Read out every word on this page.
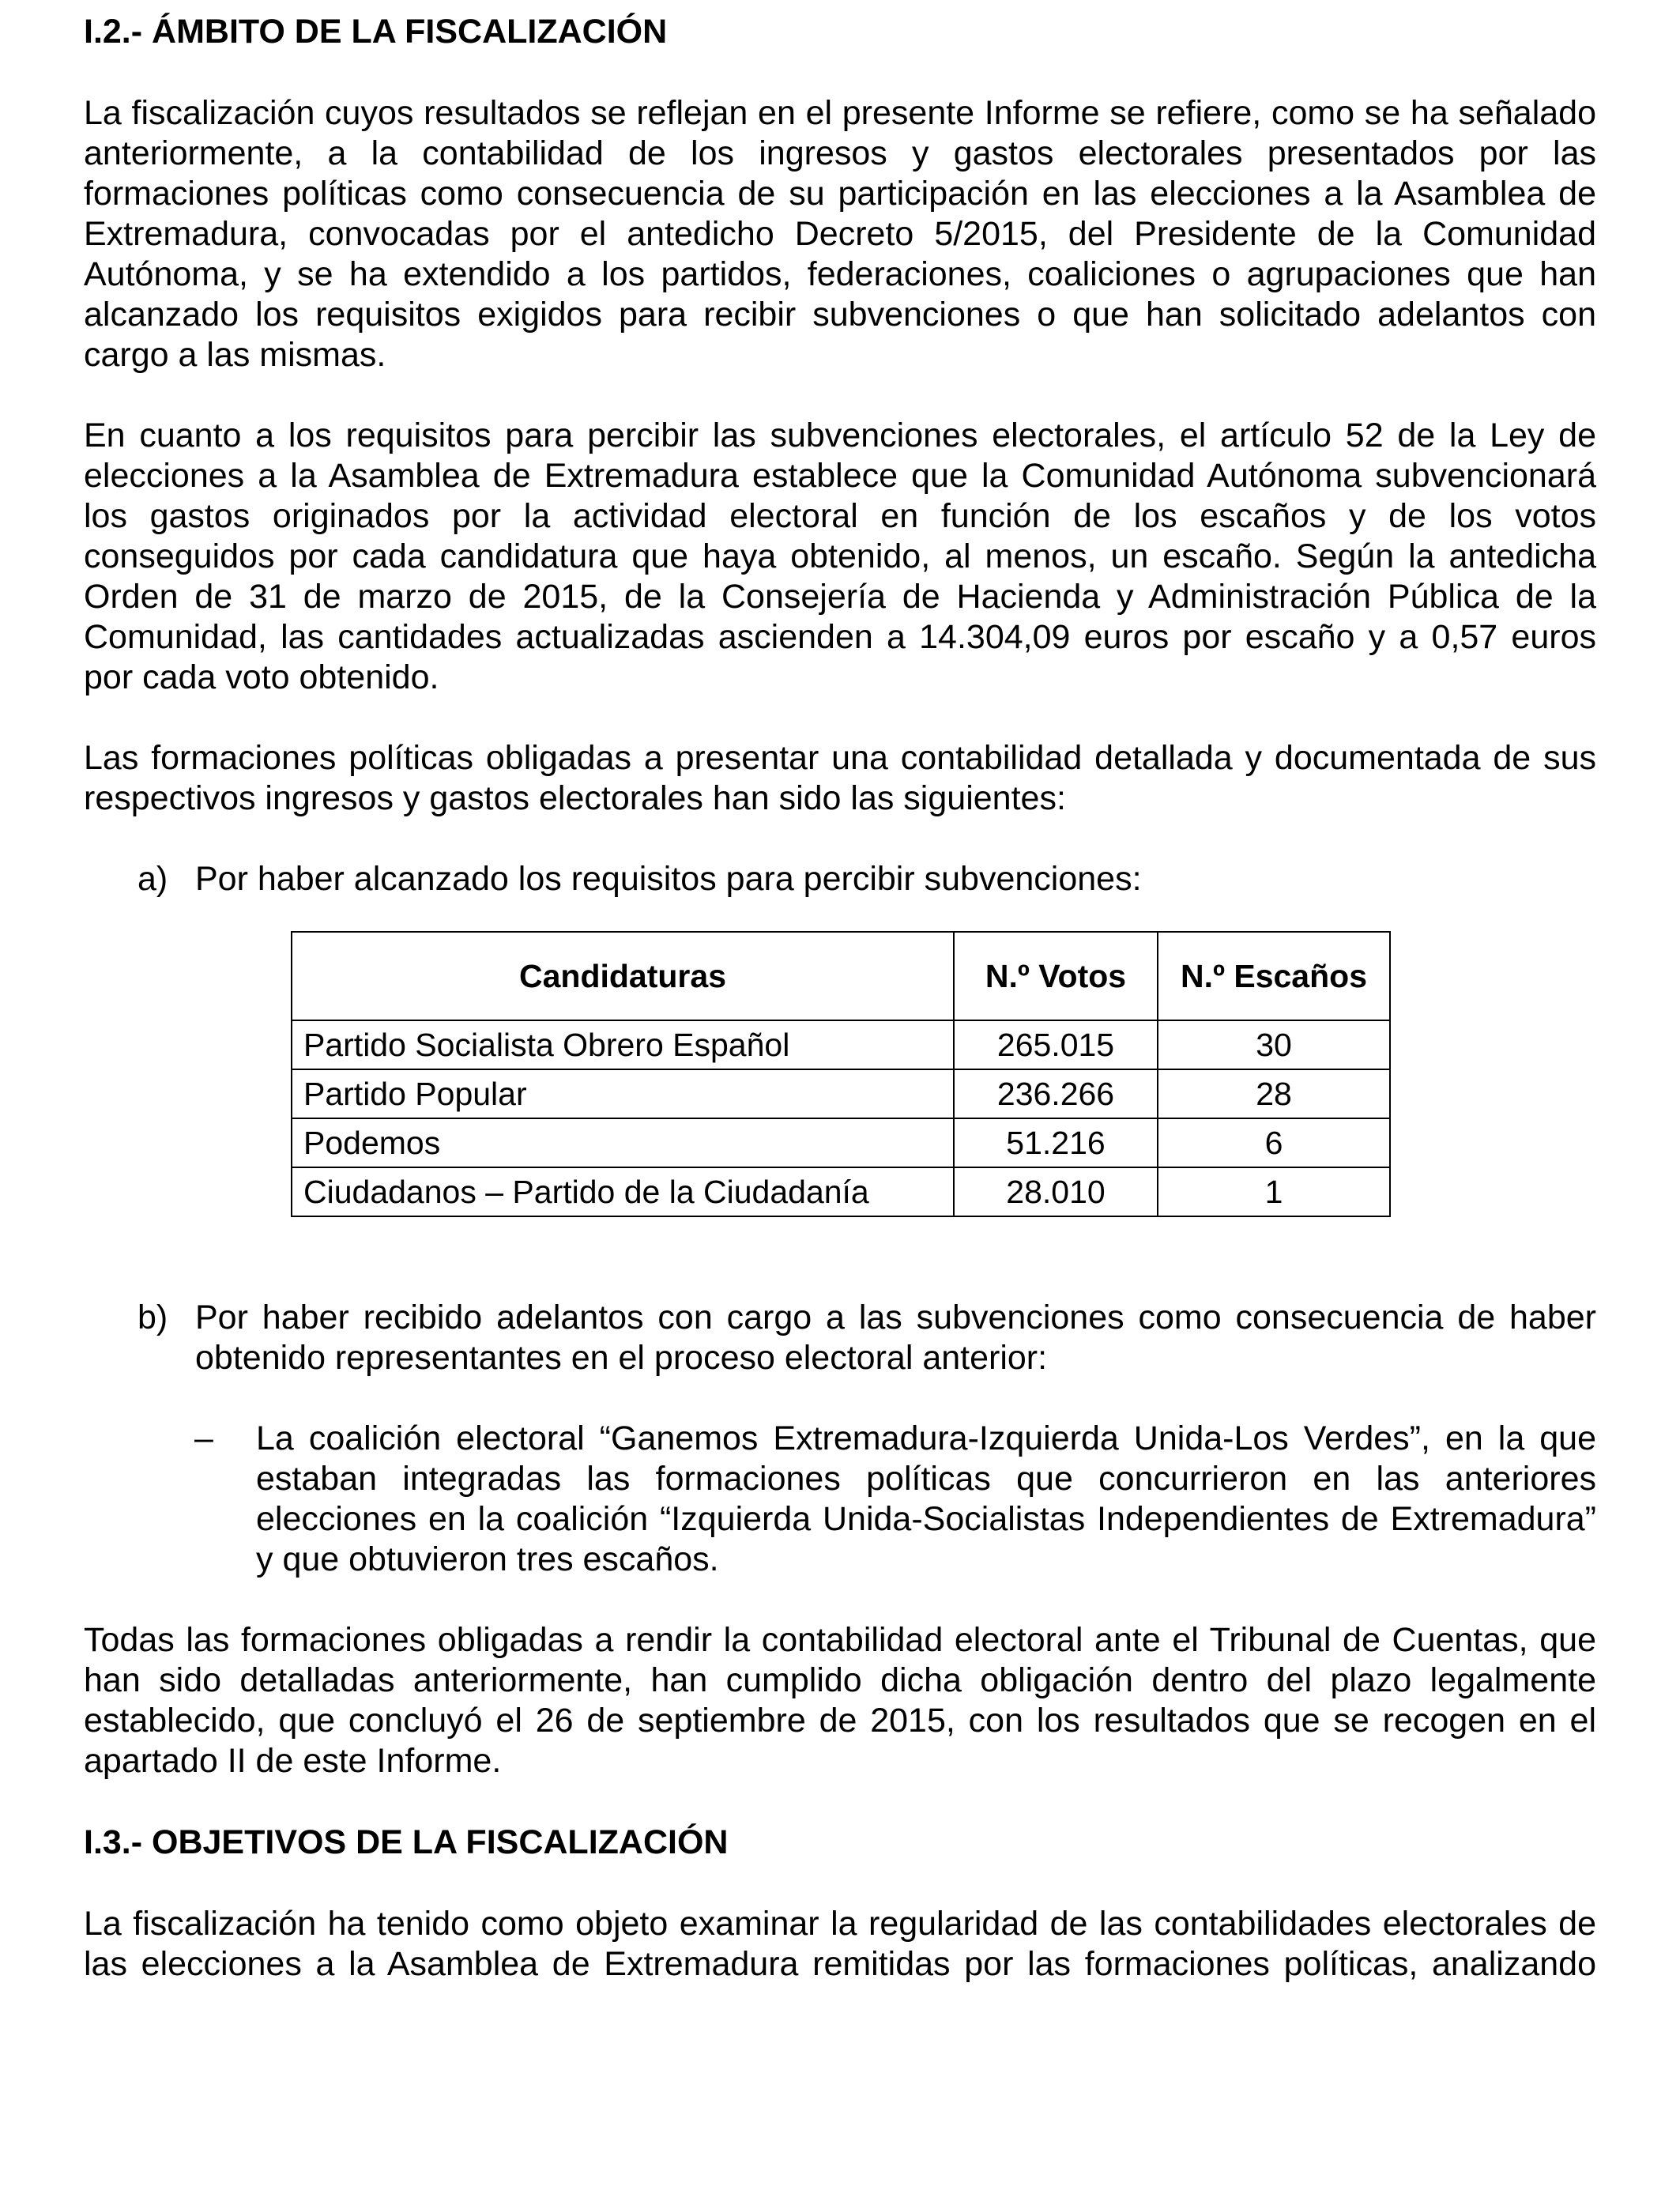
I.2.- ÁMBITO DE LA FISCALIZACIÓN

La fiscalización cuyos resultados se reflejan en el presente Informe se refiere, como se ha señalado anteriormente, a la contabilidad de los ingresos y gastos electorales presentados por las formaciones políticas como consecuencia de su participación en las elecciones a la Asamblea de Extremadura, convocadas por el antedicho Decreto 5/2015, del Presidente de la Comunidad Autónoma, y se ha extendido a los partidos, federaciones, coaliciones o agrupaciones que han alcanzado los requisitos exigidos para recibir subvenciones o que han solicitado adelantos con cargo a las mismas.

En cuanto a los requisitos para percibir las subvenciones electorales, el artículo 52 de la Ley de elecciones a la Asamblea de Extremadura establece que la Comunidad Autónoma subvencionará los gastos originados por la actividad electoral en función de los escaños y de los votos conseguidos por cada candidatura que haya obtenido, al menos, un escaño. Según la antedicha Orden de 31 de marzo de 2015, de la Consejería de Hacienda y Administración Pública de la Comunidad, las cantidades actualizadas ascienden a 14.304,09 euros por escaño y a 0,57 euros por cada voto obtenido.

Las formaciones políticas obligadas a presentar una contabilidad detallada y documentada de sus respectivos ingresos y gastos electorales han sido las siguientes:

a) Por haber alcanzado los requisitos para percibir subvenciones:
Candidaturas	N.º Votos	N.º Escaños
Partido Socialista Obrero Español	265.015	30
Partido Popular	236.266	28
Podemos	51.216	6
Ciudadanos – Partido de la Ciudadanía	28.010	1
b) Por haber recibido adelantos con cargo a las subvenciones como consecuencia de haber obtenido representantes en el proceso electoral anterior:
–	La coalición electoral “Ganemos Extremadura-Izquierda Unida-Los Verdes”, en la que estaban integradas las formaciones políticas que concurrieron en las anteriores elecciones en la coalición “Izquierda Unida-Socialistas Independientes de Extremadura” y que obtuvieron tres escaños.

Todas las formaciones obligadas a rendir la contabilidad electoral ante el Tribunal de Cuentas, que han sido detalladas anteriormente, han cumplido dicha obligación dentro del plazo legalmente establecido, que concluyó el 26 de septiembre de 2015, con los resultados que se recogen en el apartado II de este Informe.

I.3.- OBJETIVOS DE LA FISCALIZACIÓN

La fiscalización ha tenido como objeto examinar la regularidad de las contabilidades electorales de las elecciones a la Asamblea de Extremadura remitidas por las formaciones políticas, analizando
